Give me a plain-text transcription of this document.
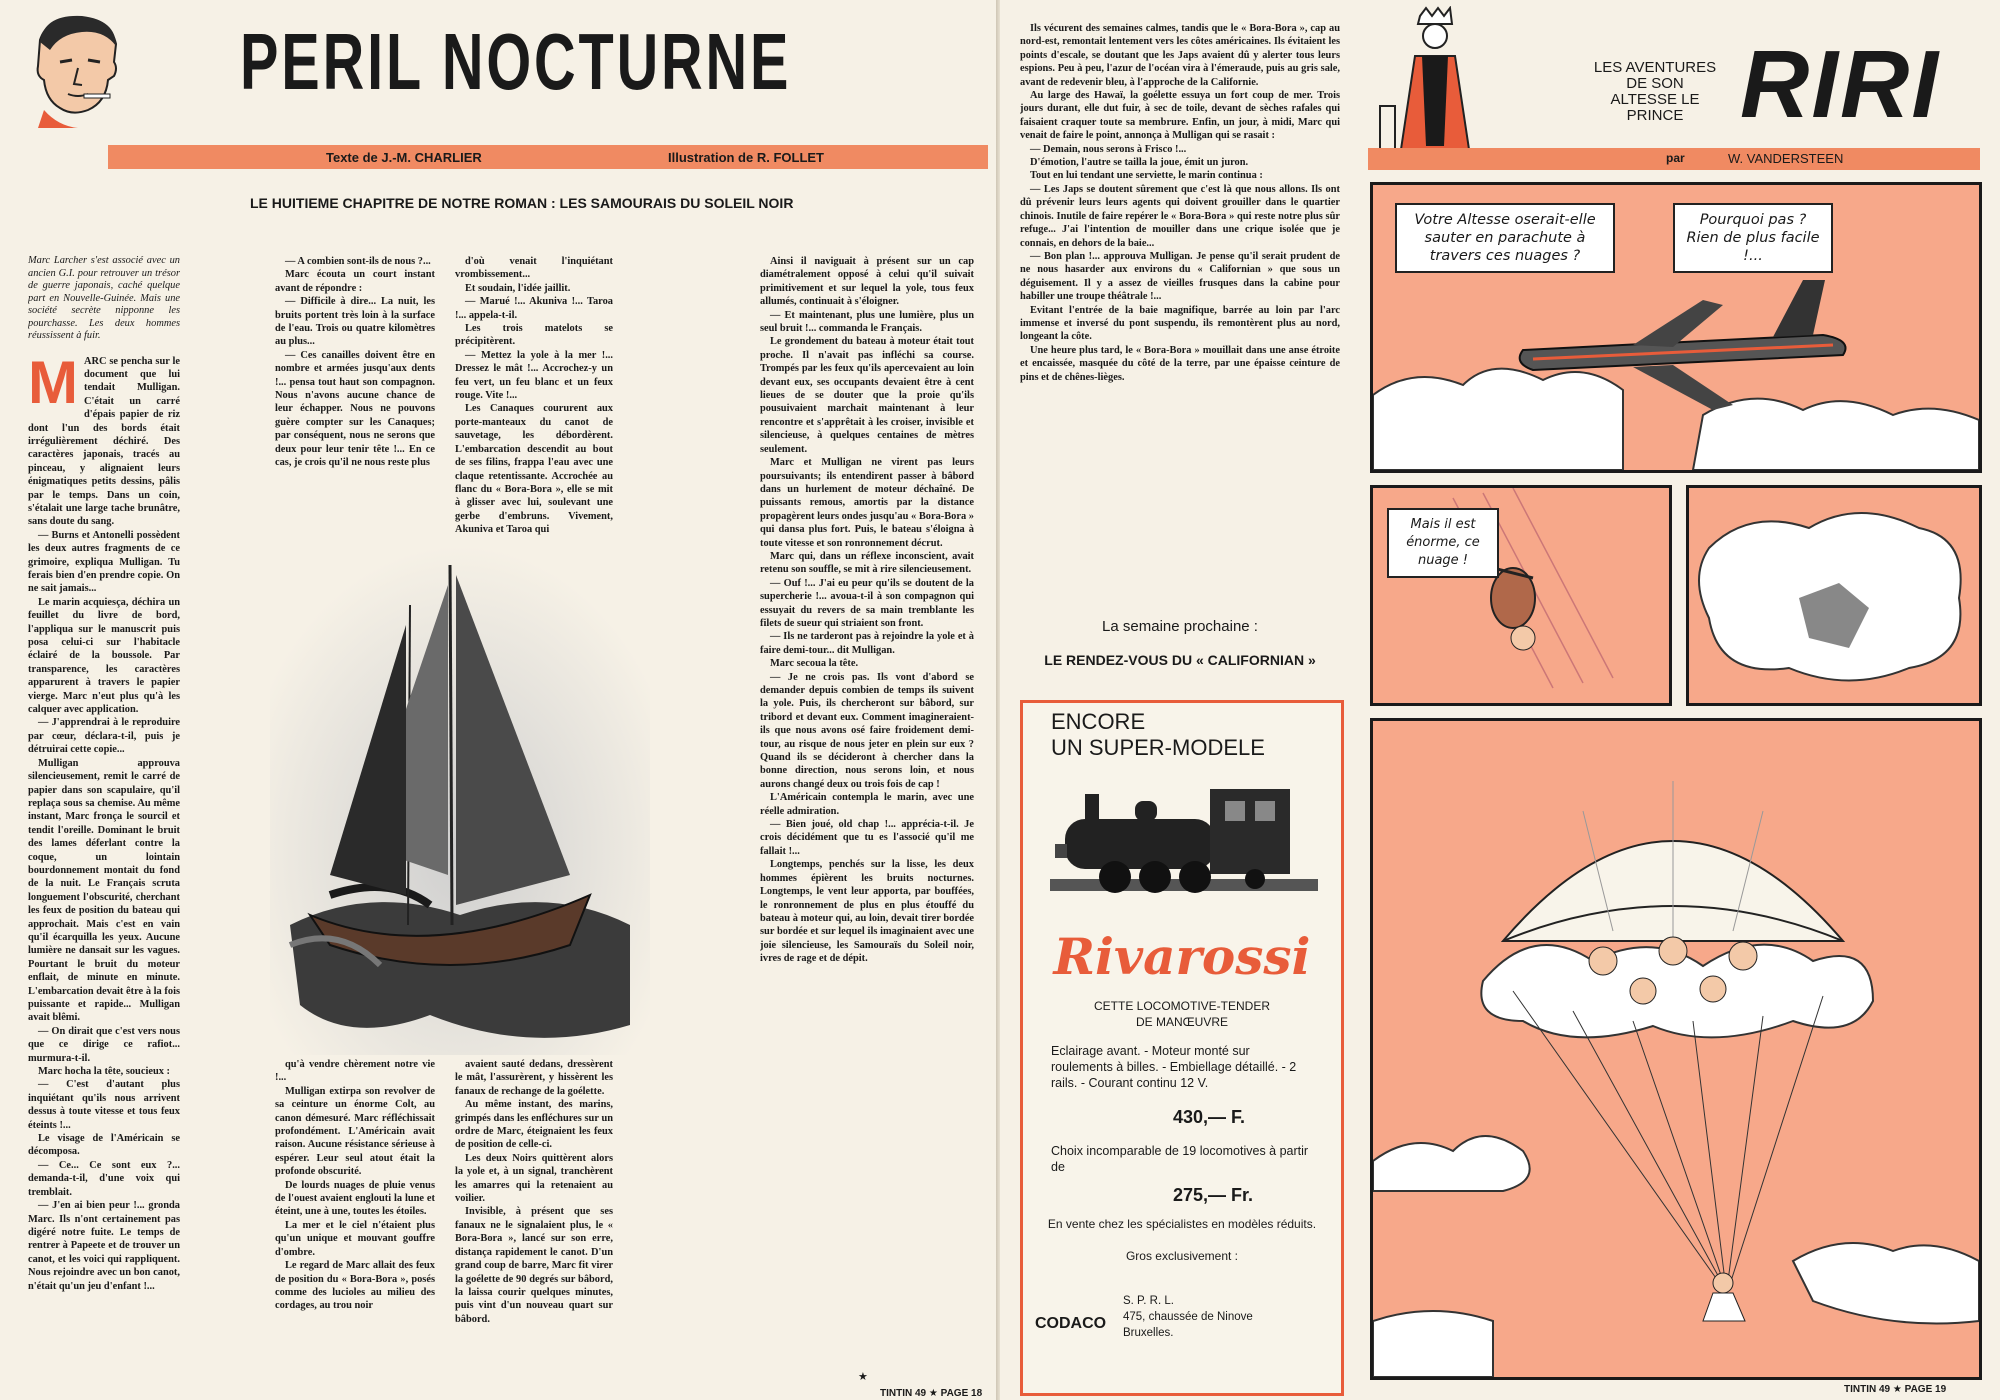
PERIL NOCTURNE
Texte de J.-M. CHARLIER	Illustration de R. FOLLET
LE HUITIEME CHAPITRE DE NOTRE ROMAN : LES SAMOURAIS DU SOLEIL NOIR
Marc Larcher s'est associé avec un ancien G.I. pour retrouver un trésor de guerre japonais, caché quelque part en Nouvelle-Guinée. Mais une société secrète nipponne les pourchasse. Les deux hommes réussissent à fuir.
M ARC se pencha sur le document que lui tendait Mulligan. C'était un carré d'épais papier de riz dont l'un des bords était irrégulièrement déchiré. Des caractères japonais, tracés au pinceau, y alignaient leurs énigmatiques petits dessins, pâlis par le temps. Dans un coin, s'étalait une large tache brunâtre, sans doute du sang.

— Burns et Antonelli possèdent les deux autres fragments de ce grimoire, expliqua Mulligan. Tu ferais bien d'en prendre copie. On ne sait jamais...

Le marin acquiesça, déchira un feuillet du livre de bord, l'appliqua sur le manuscrit puis posa celui-ci sur l'habitacle éclairé de la boussole. Par transparence, les caractères apparurent à travers le papier vierge. Marc n'eut plus qu'à les calquer avec application.

— J'apprendrai à le reproduire par cœur, déclara-t-il, puis je détruirai cette copie...

Mulligan approuva silencieusement, remit le carré de papier dans son scapulaire, qu'il replaça sous sa chemise. Au même instant, Marc fronça le sourcil et tendit l'oreille. Dominant le bruit des lames déferlant contre la coque, un lointain bourdonnement montait du fond de la nuit. Le Français scruta longuement l'obscurité, cherchant les feux de position du bateau qui approchait. Mais c'est en vain qu'il écarquilla les yeux. Aucune lumière ne dansait sur les vagues. Pourtant le bruit du moteur enflait, de minute en minute. L'embarcation devait être à la fois puissante et rapide... Mulligan avait blêmi.

— On dirait que c'est vers nous que ce dirige ce rafiot... murmura-t-il.

Marc hocha la tête, soucieux :

— C'est d'autant plus inquiétant qu'ils nous arrivent dessus à toute vitesse et tous feux éteints !...

Le visage de l'Américain se décomposa.

— Ce... Ce sont eux ?... demanda-t-il, d'une voix qui tremblait.

— J'en ai bien peur !... gronda Marc. Ils n'ont certainement pas digéré notre fuite. Le temps de rentrer à Papeete et de trouver un canot, et les voici qui rappliquent. Nous rejoindre avec un bon canot, n'était qu'un jeu d'enfant !...

— A combien sont-ils de nous ?...

Marc écouta un court instant avant de répondre :

— Difficile à dire... La nuit, les bruits portent très loin à la surface de l'eau. Trois ou quatre kilomètres au plus...

— Ces canailles doivent être en nombre et armées jusqu'aux dents !... pensa tout haut son compagnon. Nous n'avons aucune chance de leur échapper. Nous ne pouvons guère compter sur les Canaques; par conséquent, nous ne serons que deux pour leur tenir tête !... En ce cas, je crois qu'il ne nous reste plus

d'où venait l'inquiétant vrombissement...

Et soudain, l'idée jaillit.

— Marué !... Akuniva !... Taroa !... appela-t-il.

Les trois matelots se précipitèrent.

— Mettez la yole à la mer !... Dressez le mât !... Accrochez-y un feu vert, un feu blanc et un feux rouge. Vite !...

Les Canaques coururent aux porte-manteaux du canot de sauvetage, les débordèrent. L'embarcation descendit au bout de ses filins, frappa l'eau avec une claque retentissante. Accrochée au flanc du « Bora-Bora », elle se mit à glisser avec lui, soulevant une gerbe d'embruns. Vivement, Akuniva et Taroa qui

qu'à vendre chèrement notre vie !...

Mulligan extirpa son revolver de sa ceinture un énorme Colt, au canon démesuré. Marc réfléchissait profondément. L'Américain avait raison. Aucune résistance sérieuse à espérer. Leur seul atout était la profonde obscurité.

De lourds nuages de pluie venus de l'ouest avaient englouti la lune et éteint, une à une, toutes les étoiles.

La mer et le ciel n'étaient plus qu'un unique et mouvant gouffre d'ombre.

Le regard de Marc allait des feux de position du « Bora-Bora », posés comme des lucioles au milieu des cordages, au trou noir

avaient sauté dedans, dressèrent le mât, l'assurèrent, y hissèrent les fanaux de rechange de la goélette.

Au même instant, des marins, grimpés dans les enfléchures sur un ordre de Marc, éteignaient les feux de position de celle-ci.

Les deux Noirs quittèrent alors la yole et, à un signal, tranchèrent les amarres qui la retenaient au voilier.

Invisible, à présent que ses fanaux ne le signalaient plus, le « Bora-Bora », lancé sur son erre, distança rapidement le canot. D'un grand coup de barre, Marc fit virer la goélette de 90 degrés sur bâbord, la laissa courir quelques minutes, puis vint d'un nouveau quart sur bâbord.

Ainsi il naviguait à présent sur un cap diamétralement opposé à celui qu'il suivait primitivement et sur lequel la yole, tous feux allumés, continuait à s'éloigner.

— Et maintenant, plus une lumière, plus un seul bruit !... commanda le Français.

Le grondement du bateau à moteur était tout proche. Il n'avait pas infléchi sa course. Trompés par les feux qu'ils apercevaient au loin devant eux, ses occupants devaient être à cent lieues de se douter que la proie qu'ils pousuivaient marchait maintenant à leur rencontre et s'apprêtait à les croiser, invisible et silencieuse, à quelques centaines de mètres seulement.

Marc et Mulligan ne virent pas leurs poursuivants; ils entendirent passer à bâbord dans un hurlement de moteur déchaîné. De puissants remous, amortis par la distance propagèrent leurs ondes jusqu'au « Bora-Bora » qui dansa plus fort. Puis, le bateau s'éloigna à toute vitesse et son ronronnement décrut.

Marc qui, dans un réflexe inconscient, avait retenu son souffle, se mit à rire silencieusement.

— Ouf !... J'ai eu peur qu'ils se doutent de la supercherie !... avoua-t-il à son compagnon qui essuyait du revers de sa main tremblante les filets de sueur qui striaient son front.

— Ils ne tarderont pas à rejoindre la yole et à faire demi-tour... dit Mulligan.

Marc secoua la tête.

— Je ne crois pas. Ils vont d'abord se demander depuis combien de temps ils suivent la yole. Puis, ils chercheront sur bâbord, sur tribord et devant eux. Comment imagineraient-ils que nous avons osé faire froidement demi-tour, au risque de nous jeter en plein sur eux ? Quand ils se décideront à chercher dans la bonne direction, nous serons loin, et nous aurons changé deux ou trois fois de cap !

L'Américain contempla le marin, avec une réelle admiration.

— Bien joué, old chap !... apprécia-t-il. Je crois décidément que tu es l'associé qu'il me fallait !...

Longtemps, penchés sur la lisse, les deux hommes épièrent les bruits nocturnes. Longtemps, le vent leur apporta, par bouffées, le ronronnement de plus en plus étouffé du bateau à moteur qui, au loin, devait tirer bordée sur bordée et sur lequel ils imaginaient avec une joie silencieuse, les Samouraïs du Soleil noir, ivres de rage et de dépit.

★
TINTIN 49 ★ PAGE 18

Ils vécurent des semaines calmes, tandis que le « Bora-Bora », cap au nord-est, remontait lentement vers les côtes américaines. Ils évitaient les points d'escale, se doutant que les Japs avaient dû y alerter tous leurs espions. Peu à peu, l'azur de l'océan vira à l'émeraude, puis au gris sale, avant de redevenir bleu, à l'approche de la Californie.

Au large des Hawaï, la goélette essuya un fort coup de mer. Trois jours durant, elle dut fuir, à sec de toile, devant de sèches rafales qui faisaient craquer toute sa membrure. Enfin, un jour, à midi, Marc qui venait de faire le point, annonça à Mulligan qui se rasait :

— Demain, nous serons à Frisco !...

D'émotion, l'autre se tailla la joue, émit un juron.

Tout en lui tendant une serviette, le marin continua :

— Les Japs se doutent sûrement que c'est là que nous allons. Ils ont dû prévenir leurs leurs agents qui doivent grouiller dans le quartier chinois. Inutile de faire repérer le « Bora-Bora » qui reste notre plus sûr refuge... J'ai l'intention de mouiller dans une crique isolée que je connais, en dehors de la baie...

— Bon plan !... approuva Mulligan. Je pense qu'il serait prudent de ne nous hasarder aux environs du « Californian » que sous un déguisement. Il y a assez de vieilles frusques dans la cabine pour habiller une troupe théâtrale !...

Evitant l'entrée de la baie magnifique, barrée au loin par l'arc immense et inversé du pont suspendu, ils remontèrent plus au nord, longeant la côte.

Une heure plus tard, le « Bora-Bora » mouillait dans une anse étroite et encaissée, masquée du côté de la terre, par une épaisse ceinture de pins et de chênes-lièges.

La semaine prochaine :
LE RENDEZ-VOUS DU « CALIFORNIAN »
ENCORE
UN SUPER-MODELE
Rivarossi
CETTE LOCOMOTIVE-TENDER
DE MANŒUVRE
Eclairage avant. - Moteur monté sur roulements à billes. - Embiellage détaillé. - 2 rails. - Courant continu 12 V.
430,— F.
Choix incomparable de 19 locomotives à partir de
275,— Fr.
En vente chez les spécialistes en modèles réduits.
Gros exclusivement :
CODACO
S. P. R. L.
475, chaussée de Ninove
Bruxelles.
LES AVENTURES
DE SON
ALTESSE LE
PRINCE RIRI
par	W. VANDERSTEEN
Votre Altesse oserait-elle sauter en parachute à travers ces nuages ?
Pourquoi pas ? Rien de plus facile !...
Mais il est énorme, ce nuage !
TINTIN 49 ★ PAGE 19
